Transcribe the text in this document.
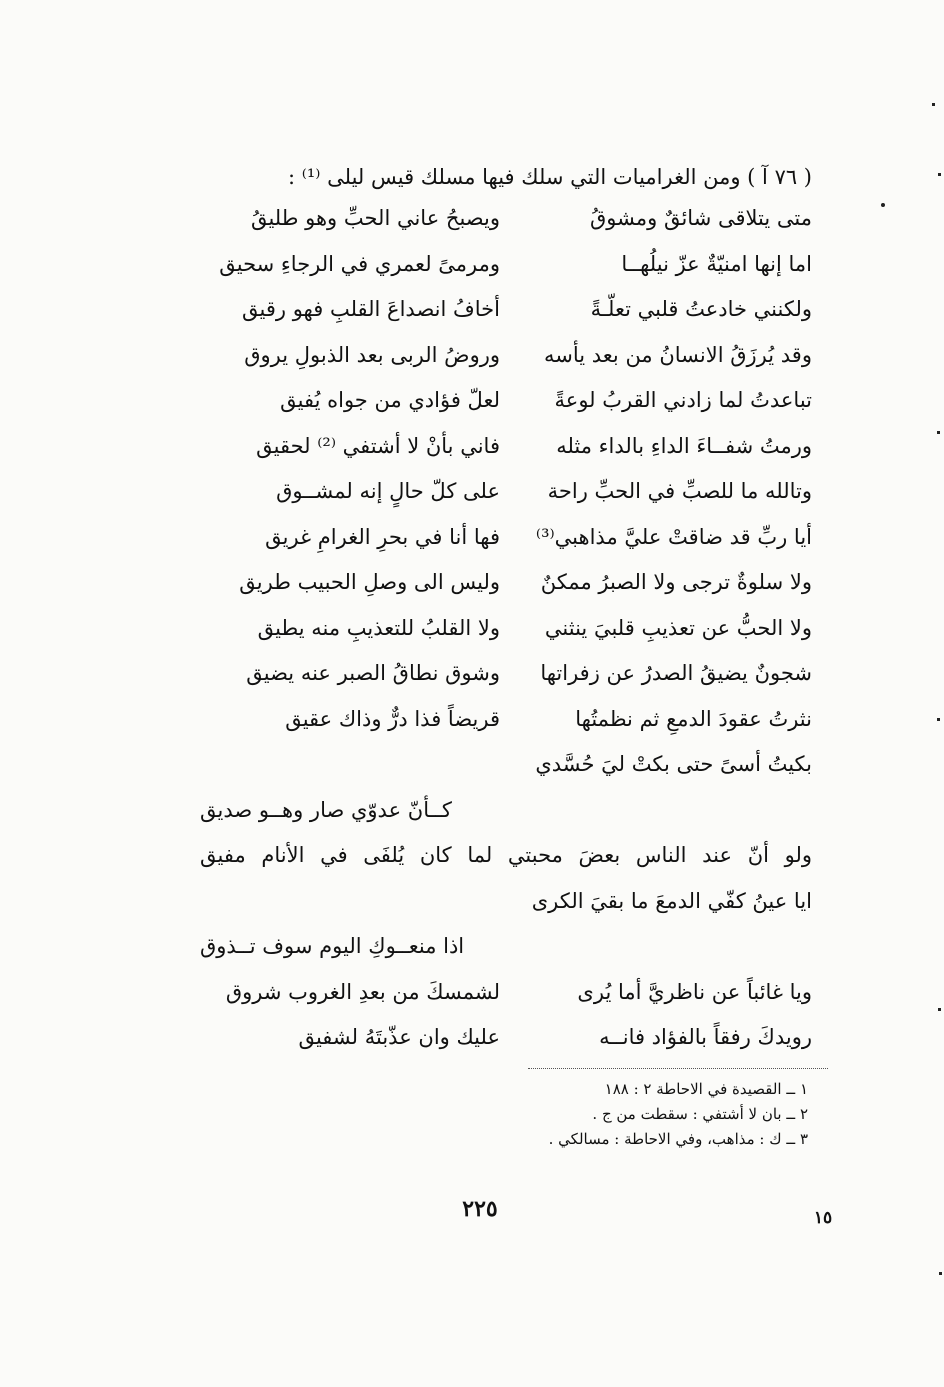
( ٧٦ آ ) ومن الغراميات التي سلك فيها مسلك قيس ليلى ⁽¹⁾ :
متى يتلاقى شائقٌ ومشوقُ
ويصبحُ عاني الحبِّ وهو طليقُ
اما إنها امنيّةٌ عزّ نيلُهــا
ومرمىً لعمري في الرجاءِ سحيق
ولكنني خادعتُ قلبي تعلّـةً
أخافُ انصداعَ القلبِ فهو رقيق
وقد يُرزَقُ الانسانُ من بعد يأسه
وروضُ الربى بعد الذبولِ يروق
تباعدتُ لما زادني القربُ لوعةً
لعلّ فؤادي من جواه يُفيق
ورمتُ شفــاءَ الداءِ بالداء مثله
فاني بأنْ لا أشتفي ⁽²⁾ لحقيق
وتالله ما للصبِّ في الحبِّ راحة
على كلّ حالٍ إنه لمشــوق
أيا ربِّ قد ضاقتْ عليَّ مذاهبي⁽³⁾
فها أنا في بحرِ الغرامِ غريق
ولا سلوةٌ ترجى ولا الصبرُ ممكنٌ
وليس الى وصلِ الحبيب طريق
ولا الحبُّ عن تعذيبِ قلبيَ ينثني
ولا القلبُ للتعذيبِ منه يطيق
شجونٌ يضيقُ الصدرُ عن زفراتها
وشوق نطاقُ الصبر عنه يضيق
نثرتُ عقودَ الدمعِ ثم نظمتُها
قريضاً فذا درٌّ وذاك عقيق
بكيتُ أسىً حتى بكتْ ليَ حُسَّدي
كــأنّ عدوّي صار وهــو صديق
ولو أنّ عند الناس بعضَ محبتي لما كان يُلفَى في الأنام مفيق
ايا عينُ كفّي الدمعَ ما بقيَ الكرى
اذا منعــوكِ اليوم سوف تــذوق
ويا غائباً عن ناظريَّ أما يُرى
لشمسكَ من بعدِ الغروب شروق
رويدكَ رفقاً بالفؤاد فانــه
عليك وان عذّبتَهُ لشفيق
١ ــ القصيدة في الاحاطة ٢ : ١٨٨
٢ ــ بان لا أشتفي : سقطت من ج .
٣ ــ ك : مذاهب، وفي الاحاطة : مسالكي .
٢٢٥	١٥
